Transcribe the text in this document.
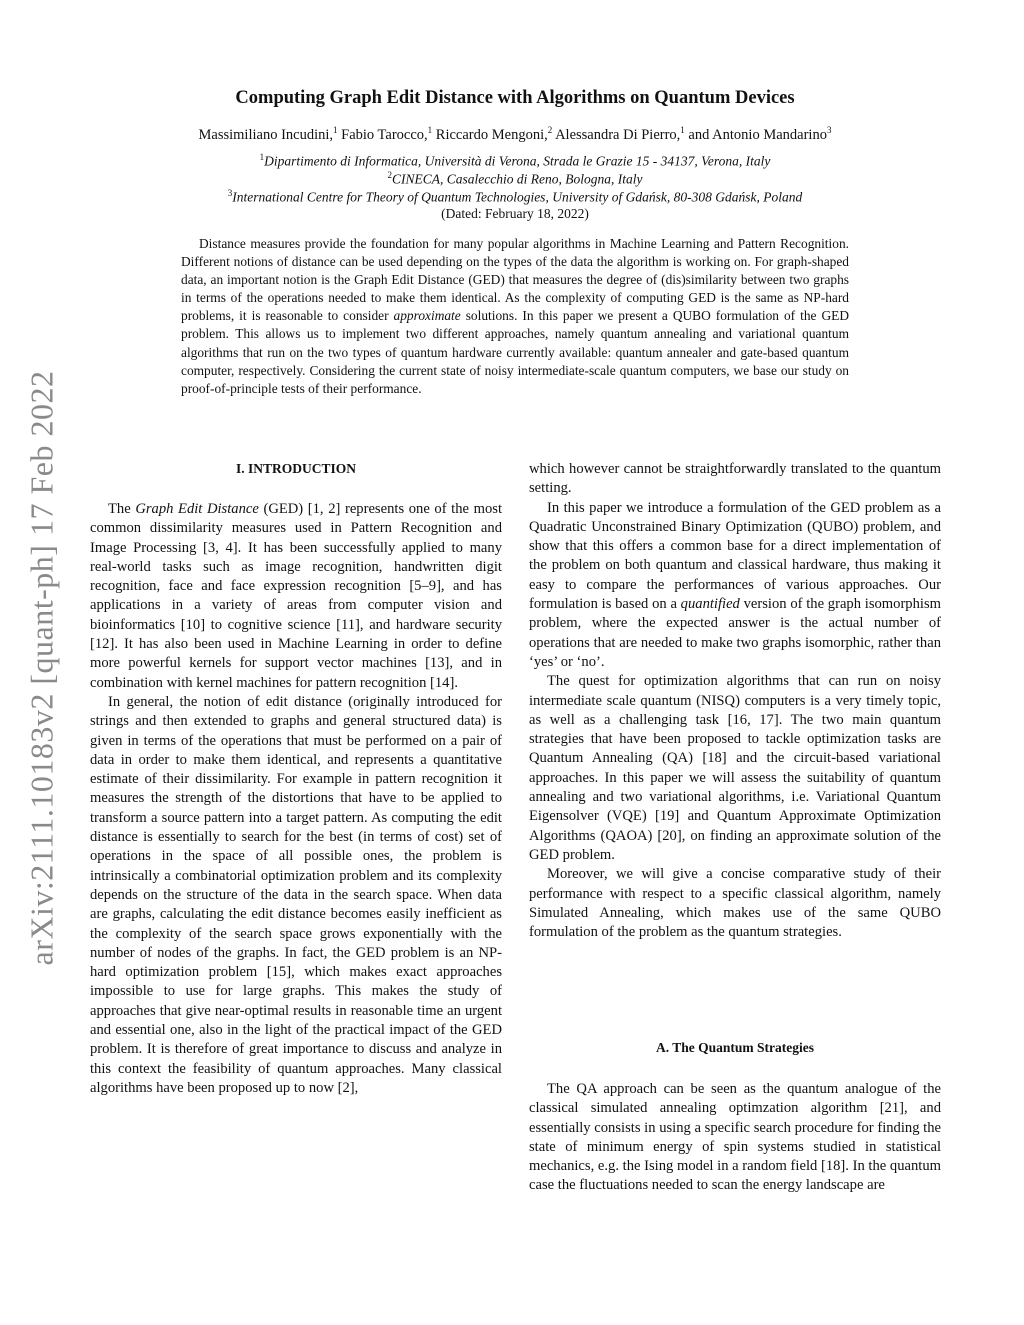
arXiv:2111.10183v2 [quant-ph] 17 Feb 2022
Computing Graph Edit Distance with Algorithms on Quantum Devices
Massimiliano Incudini,$^1$ Fabio Tarocco,$^1$ Riccardo Mengoni,$^2$ Alessandra Di Pierro,$^1$ and Antonio Mandarino$^3$
$^1$Dipartimento di Informatica, Università di Verona, Strada le Grazie 15 - 34137, Verona, Italy
$^2$CINECA, Casalecchio di Reno, Bologna, Italy
$^3$International Centre for Theory of Quantum Technologies, University of Gdańsk, 80-308 Gdańsk, Poland
(Dated: February 18, 2022)
Distance measures provide the foundation for many popular algorithms in Machine Learning and Pattern Recognition. Different notions of distance can be used depending on the types of the data the algorithm is working on. For graph-shaped data, an important notion is the Graph Edit Distance (GED) that measures the degree of (dis)similarity between two graphs in terms of the operations needed to make them identical. As the complexity of computing GED is the same as NP-hard problems, it is reasonable to consider approximate solutions. In this paper we present a QUBO formulation of the GED problem. This allows us to implement two different approaches, namely quantum annealing and variational quantum algorithms that run on the two types of quantum hardware currently available: quantum annealer and gate-based quantum computer, respectively. Considering the current state of noisy intermediate-scale quantum computers, we base our study on proof-of-principle tests of their performance.
I. INTRODUCTION

The Graph Edit Distance (GED) [1, 2] represents one of the most common dissimilarity measures used in Pattern Recognition and Image Processing [3, 4]. It has been successfully applied to many real-world tasks such as image recognition, handwritten digit recognition, face and face expression recognition [5–9], and has applications in a variety of areas from computer vision and bioinformatics [10] to cognitive science [11], and hardware security [12]. It has also been used in Machine Learning in order to define more powerful kernels for support vector machines [13], and in combination with kernel machines for pattern recognition [14].

In general, the notion of edit distance (originally introduced for strings and then extended to graphs and general structured data) is given in terms of the operations that must be performed on a pair of data in order to make them identical, and represents a quantitative estimate of their dissimilarity. For example in pattern recognition it measures the strength of the distortions that have to be applied to transform a source pattern into a target pattern. As computing the edit distance is essentially to search for the best (in terms of cost) set of operations in the space of all possible ones, the problem is intrinsically a combinatorial optimization problem and its complexity depends on the structure of the data in the search space. When data are graphs, calculating the edit distance becomes easily inefficient as the complexity of the search space grows exponentially with the number of nodes of the graphs. In fact, the GED problem is an NP-hard optimization problem [15], which makes exact approaches impossible to use for large graphs. This makes the study of approaches that give near-optimal results in reasonable time an urgent and essential one, also in the light of the practical impact of the GED problem. It is therefore of great importance to discuss and analyze in this context the feasibility of quantum approaches. Many classical algorithms have been proposed up to now [2],

which however cannot be straightforwardly translated to the quantum setting.

In this paper we introduce a formulation of the GED problem as a Quadratic Unconstrained Binary Optimization (QUBO) problem, and show that this offers a common base for a direct implementation of the problem on both quantum and classical hardware, thus making it easy to compare the performances of various approaches. Our formulation is based on a quantified version of the graph isomorphism problem, where the expected answer is the actual number of operations that are needed to make two graphs isomorphic, rather than ‘yes’ or ‘no’.

The quest for optimization algorithms that can run on noisy intermediate scale quantum (NISQ) computers is a very timely topic, as well as a challenging task [16, 17]. The two main quantum strategies that have been proposed to tackle optimization tasks are Quantum Annealing (QA) [18] and the circuit-based variational approaches. In this paper we will assess the suitability of quantum annealing and two variational algorithms, i.e. Variational Quantum Eigensolver (VQE) [19] and Quantum Approximate Optimization Algorithms (QAOA) [20], on finding an approximate solution of the GED problem.

Moreover, we will give a concise comparative study of their performance with respect to a specific classical algorithm, namely Simulated Annealing, which makes use of the same QUBO formulation of the problem as the quantum strategies.

A. The Quantum Strategies

The QA approach can be seen as the quantum analogue of the classical simulated annealing optimzation algorithm [21], and essentially consists in using a specific search procedure for finding the state of minimum energy of spin systems studied in statistical mechanics, e.g. the Ising model in a random field [18]. In the quantum case the fluctuations needed to scan the energy landscape are
